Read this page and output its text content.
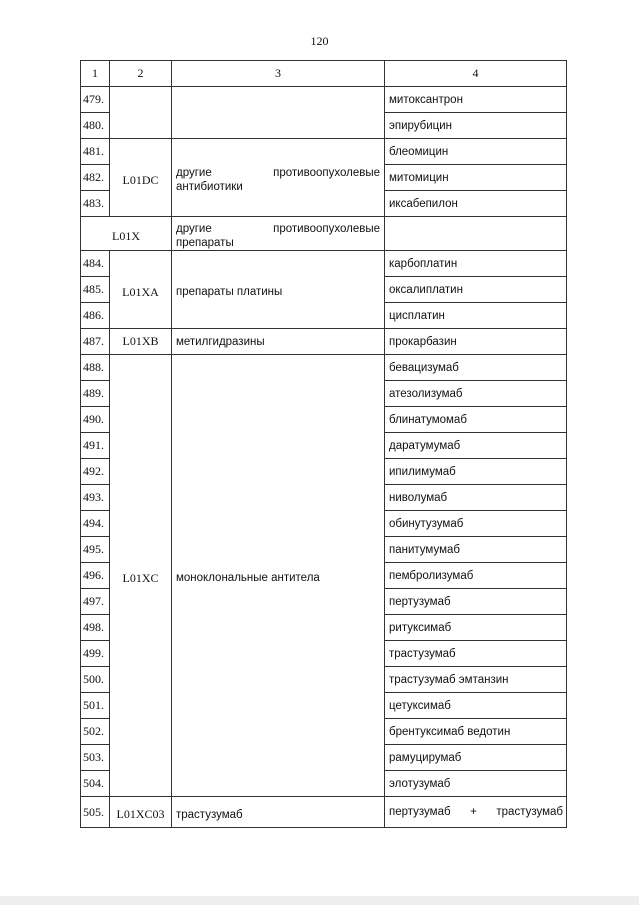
120
1	2	3	4
479.			митоксантрон
480.			эпирубицин
481.	L01DC	другие противоопухолевые антибиотики	блеомицин
482.			митомицин
483.			иксабепилон
L01X		другие противоопухолевые препараты	
484.	L01XA	препараты платины	карбоплатин
485.			оксалиплатин
486.			цисплатин
487.	L01XB	метилгидразины	прокарбазин
488.	L01XC	моноклональные антитела	бевацизумаб
489.			атезолизумаб
490.			блинатумомаб
491.			даратумумаб
492.			ипилимумаб
493.			ниволумаб
494.			обинутузумаб
495.			панитумумаб
496.			пембролизумаб
497.			пертузумаб
498.			ритуксимаб
499.			трастузумаб
500.			трастузумаб эмтанзин
501.			цетуксимаб
502.			брентуксимаб ведотин
503.			рамуцирумаб
504.			элотузумаб
505.	L01XC03	трастузумаб	пертузумаб + трастузумаб
